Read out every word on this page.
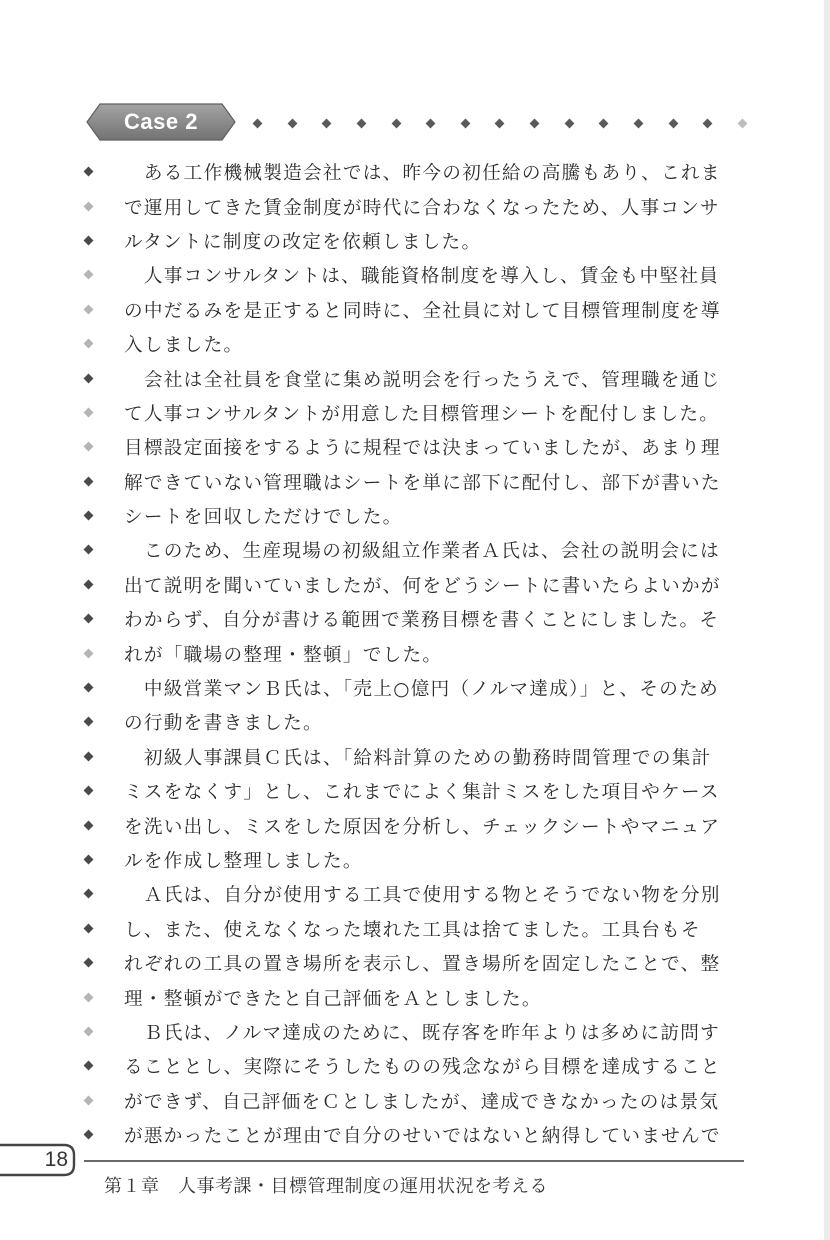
Case 2
　ある工作機械製造会社では、昨今の初任給の高騰もあり、これま
で運用してきた賃金制度が時代に合わなくなったため、人事コンサ
ルタントに制度の改定を依頼しました。
　人事コンサルタントは、職能資格制度を導入し、賃金も中堅社員
の中だるみを是正すると同時に、全社員に対して目標管理制度を導
入しました。
　会社は全社員を食堂に集め説明会を行ったうえで、管理職を通じ
て人事コンサルタントが用意した目標管理シートを配付しました。
目標設定面接をするように規程では決まっていましたが、あまり理
解できていない管理職はシートを単に部下に配付し、部下が書いた
シートを回収しただけでした。
　このため、生産現場の初級組立作業者Ａ氏は、会社の説明会には
出て説明を聞いていましたが、何をどうシートに書いたらよいかが
わからず、自分が書ける範囲で業務目標を書くことにしました。そ
れが「職場の整理・整頓」でした。
　中級営業マンＢ氏は、「売上○億円（ノルマ達成）」と、そのため
の行動を書きました。
　初級人事課員Ｃ氏は、「給料計算のための勤務時間管理での集計
ミスをなくす」とし、これまでによく集計ミスをした項目やケース
を洗い出し、ミスをした原因を分析し、チェックシートやマニュア
ルを作成し整理しました。
　Ａ氏は、自分が使用する工具で使用する物とそうでない物を分別
し、また、使えなくなった壊れた工具は捨てました。工具台もそ
れぞれの工具の置き場所を表示し、置き場所を固定したことで、整
理・整頓ができたと自己評価をＡとしました。
　Ｂ氏は、ノルマ達成のために、既存客を昨年よりは多めに訪問す
ることとし、実際にそうしたものの残念ながら目標を達成すること
ができず、自己評価をＣとしましたが、達成できなかったのは景気
が悪かったことが理由で自分のせいではないと納得していませんで
18
第１章　人事考課・目標管理制度の運用状況を考える
